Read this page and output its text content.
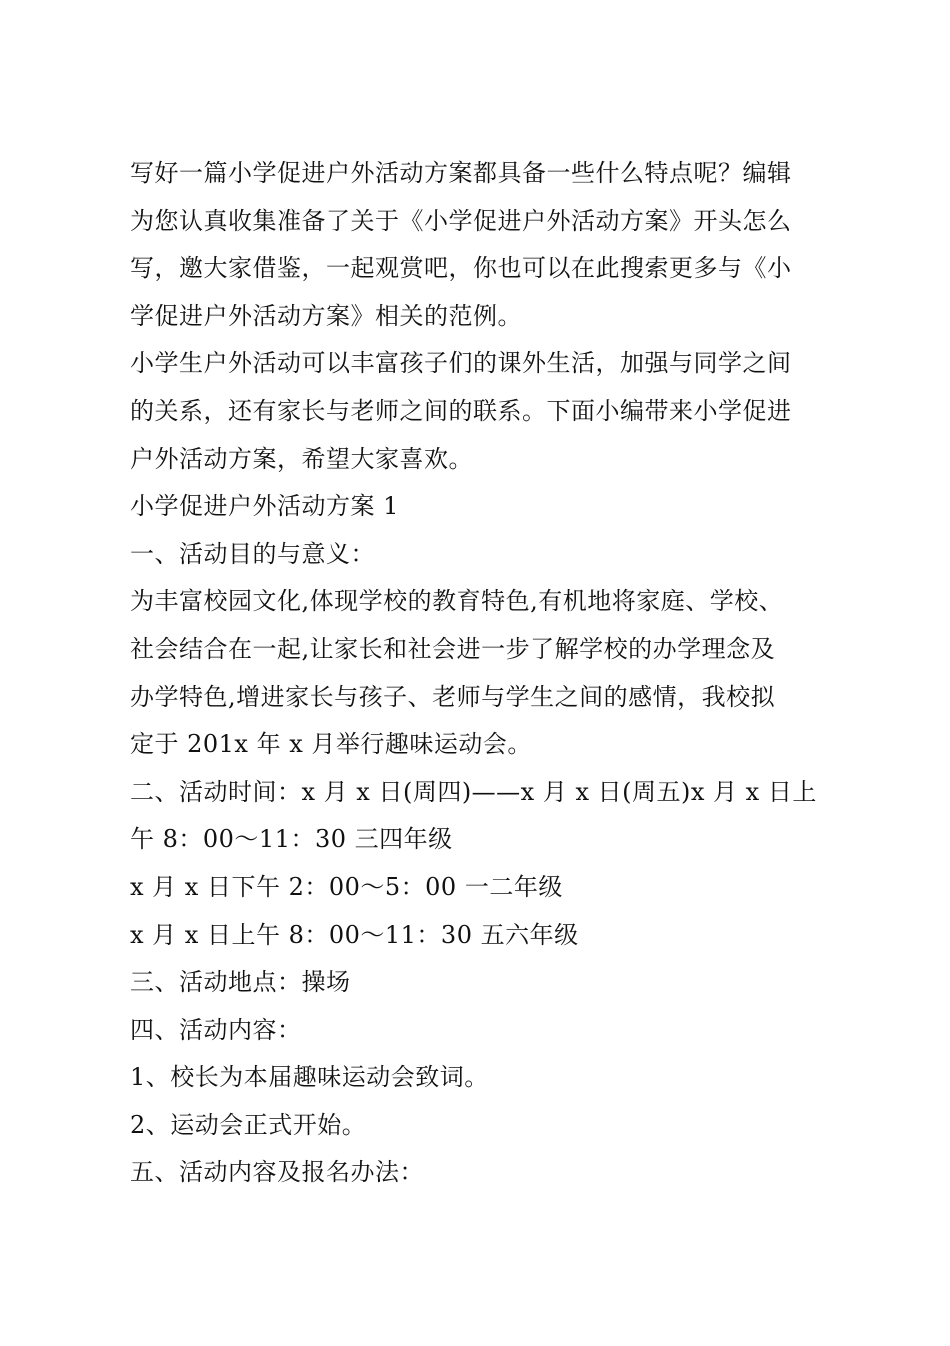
写好一篇小学促进户外活动方案都具备一些什么特点呢？编辑
为您认真收集准备了关于《小学促进户外活动方案》开头怎么
写，邀大家借鉴，一起观赏吧，你也可以在此搜索更多与《小
学促进户外活动方案》相关的范例。
小学生户外活动可以丰富孩子们的课外生活，加强与同学之间
的关系，还有家长与老师之间的联系。下面小编带来小学促进
户外活动方案，希望大家喜欢。
小学促进户外活动方案 1
一、活动目的与意义：
为丰富校园文化,体现学校的教育特色,有机地将家庭、学校、
社会结合在一起,让家长和社会进一步了解学校的办学理念及
办学特色,增进家长与孩子、老师与学生之间的感情，我校拟
定于 201x 年 x 月举行趣味运动会。
二、活动时间：x 月 x 日(周四)——x 月 x 日(周五)x 月 x 日上
午 8：00～11：30 三四年级
x 月 x 日下午 2：00～5：00 一二年级
x 月 x 日上午 8：00～11：30 五六年级
三、活动地点：操场
四、活动内容：
1、校长为本届趣味运动会致词。
2、运动会正式开始。
五、活动内容及报名办法：
